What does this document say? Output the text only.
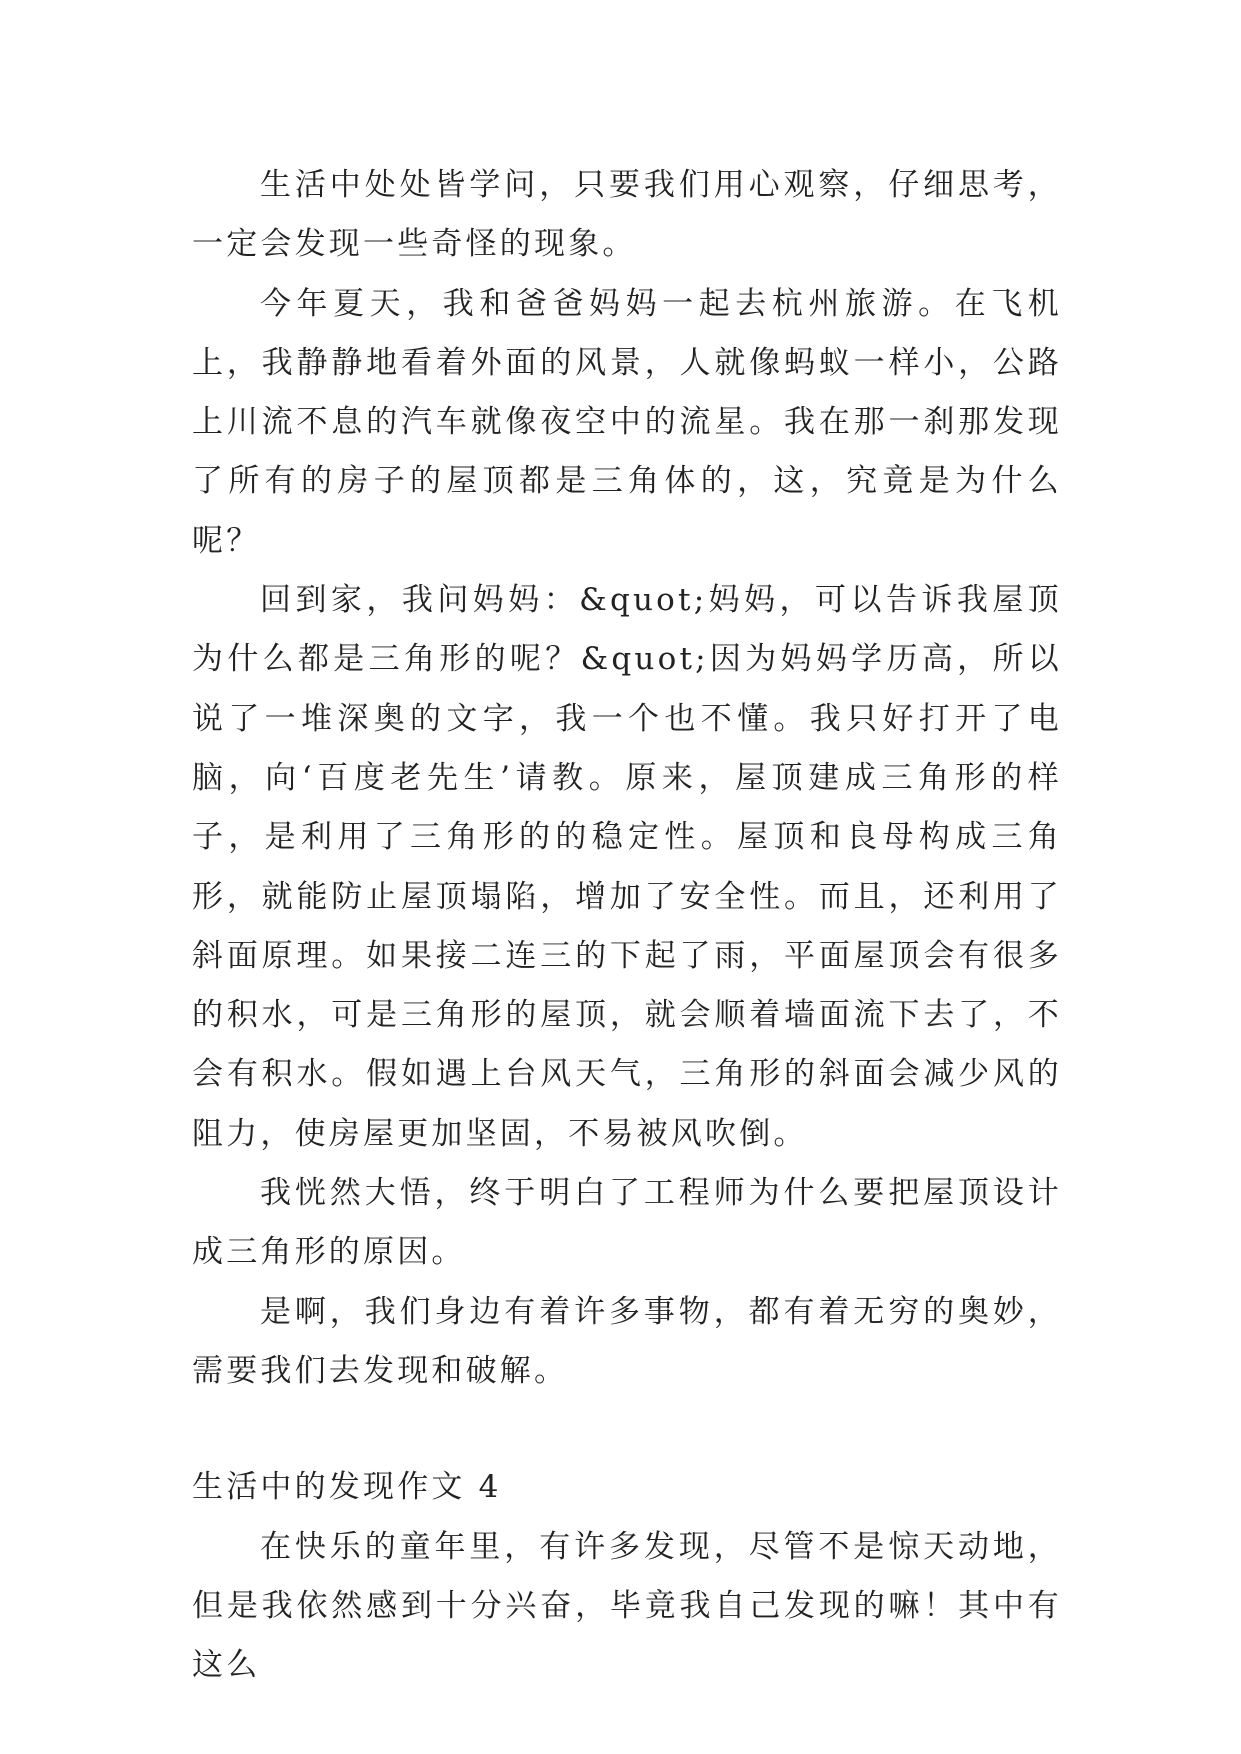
生活中处处皆学问，只要我们用心观察，仔细思考，一定会发现一些奇怪的现象。

今年夏天，我和爸爸妈妈一起去杭州旅游。在飞机上，我静静地看着外面的风景，人就像蚂蚁一样小，公路上川流不息的汽车就像夜空中的流星。我在那一刹那发现了所有的房子的屋顶都是三角体的，这，究竟是为什么呢？

回到家，我问妈妈：&quot;妈妈，可以告诉我屋顶为什么都是三角形的呢？&quot;因为妈妈学历高，所以说了一堆深奥的文字，我一个也不懂。我只好打开了电脑，向‘百度老先生’请教。原来，屋顶建成三角形的样子，是利用了三角形的的稳定性。屋顶和良母构成三角形，就能防止屋顶塌陷，增加了安全性。而且，还利用了斜面原理。如果接二连三的下起了雨，平面屋顶会有很多的积水，可是三角形的屋顶，就会顺着墙面流下去了，不会有积水。假如遇上台风天气，三角形的斜面会减少风的阻力，使房屋更加坚固，不易被风吹倒。

我恍然大悟，终于明白了工程师为什么要把屋顶设计成三角形的原因。

是啊，我们身边有着许多事物，都有着无穷的奥妙，需要我们去发现和破解。

生活中的发现作文 4

在快乐的童年里，有许多发现，尽管不是惊天动地，但是我依然感到十分兴奋，毕竟我自己发现的嘛！其中有这么
